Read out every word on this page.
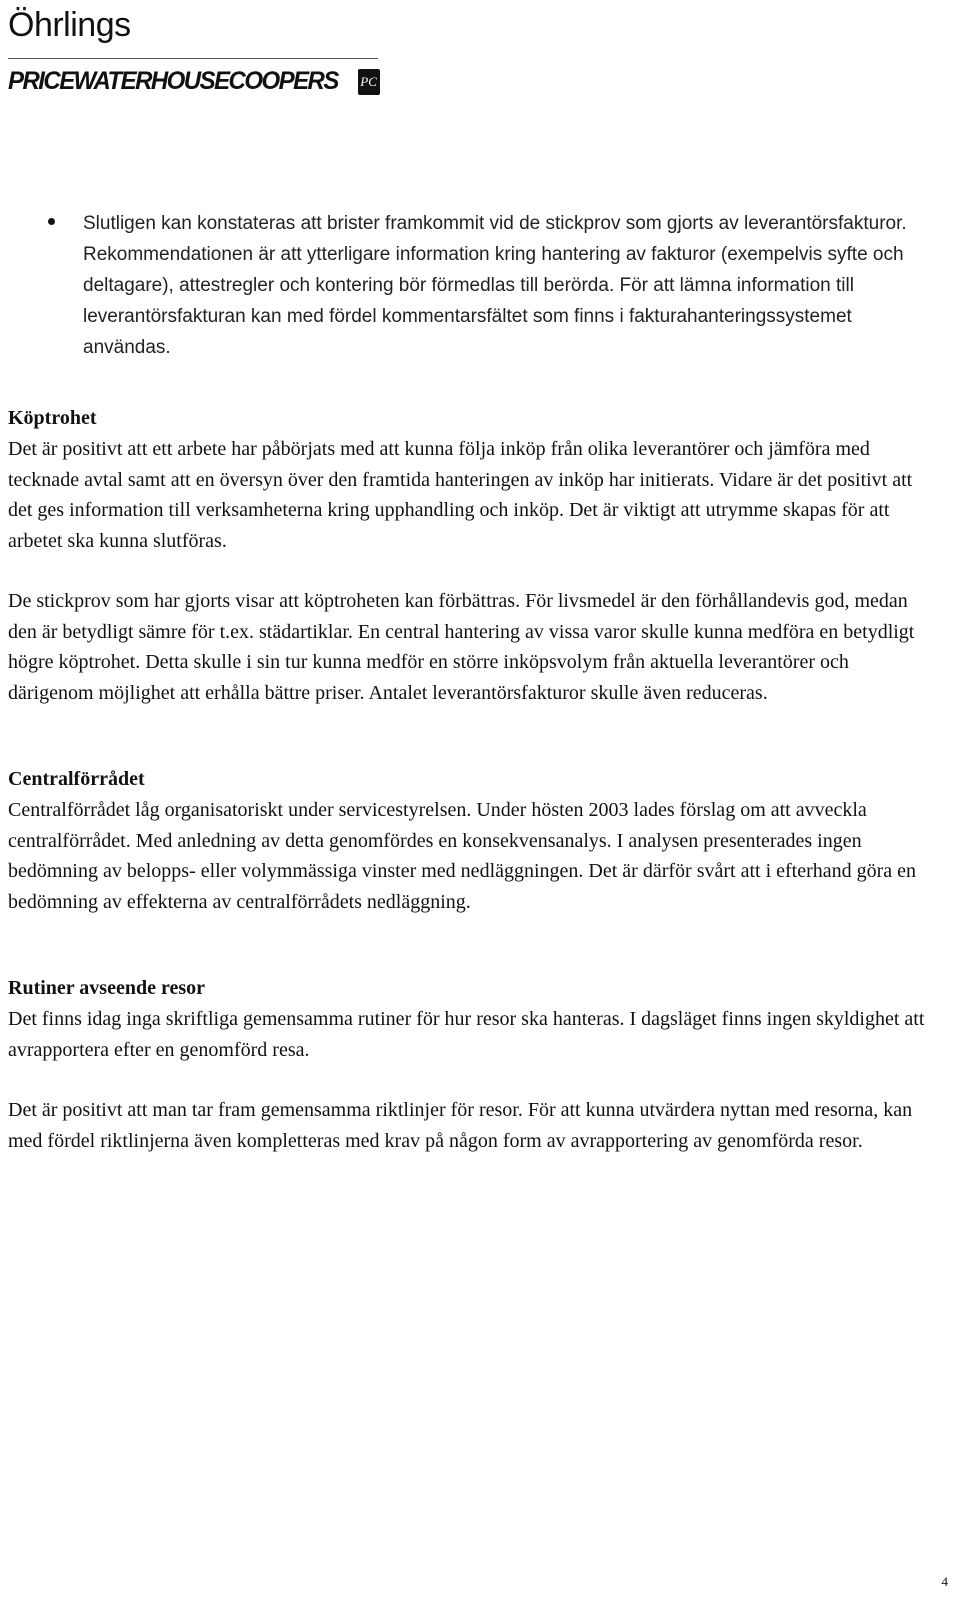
Öhrlings
PRICEWATERHOUSECOOPERS PC
Slutligen kan konstateras att brister framkommit vid de stickprov som gjorts av leverantörsfakturor. Rekommendationen är att ytterligare information kring hantering av fakturor (exempelvis syfte och deltagare), attestregler och kontering bör förmedlas till berörda. För att lämna information till leverantörsfakturan kan med fördel kommentarsfältet som finns i fakturahanteringssystemet användas.
Köptrohet

Det är positivt att ett arbete har påbörjats med att kunna följa inköp från olika leverantörer och jämföra med tecknade avtal samt att en översyn över den framtida hanteringen av inköp har initierats. Vidare är det positivt att det ges information till verksamheterna kring upphandling och inköp. Det är viktigt att utrymme skapas för att arbetet ska kunna slutföras.

De stickprov som har gjorts visar att köptroheten kan förbättras. För livsmedel är den förhållandevis god, medan den är betydligt sämre för t.ex. städartiklar. En central hantering av vissa varor skulle kunna medföra en betydligt högre köptrohet. Detta skulle i sin tur kunna medför en större inköpsvolym från aktuella leverantörer och därigenom möjlighet att erhålla bättre priser. Antalet leverantörsfakturor skulle även reduceras.

Centralförrådet

Centralförrådet låg organisatoriskt under servicestyrelsen. Under hösten 2003 lades förslag om att avveckla centralförrådet. Med anledning av detta genomfördes en konsekvensanalys. I analysen presenterades ingen bedömning av belopps- eller volymmässiga vinster med nedläggningen. Det är därför svårt att i efterhand göra en bedömning av effekterna av centralförrådets nedläggning.

Rutiner avseende resor

Det finns idag inga skriftliga gemensamma rutiner för hur resor ska hanteras. I dagsläget finns ingen skyldighet att avrapportera efter en genomförd resa.

Det är positivt att man tar fram gemensamma riktlinjer för resor. För att kunna utvärdera nyttan med resorna, kan med fördel riktlinjerna även kompletteras med krav på någon form av avrapportering av genomförda resor.

4
